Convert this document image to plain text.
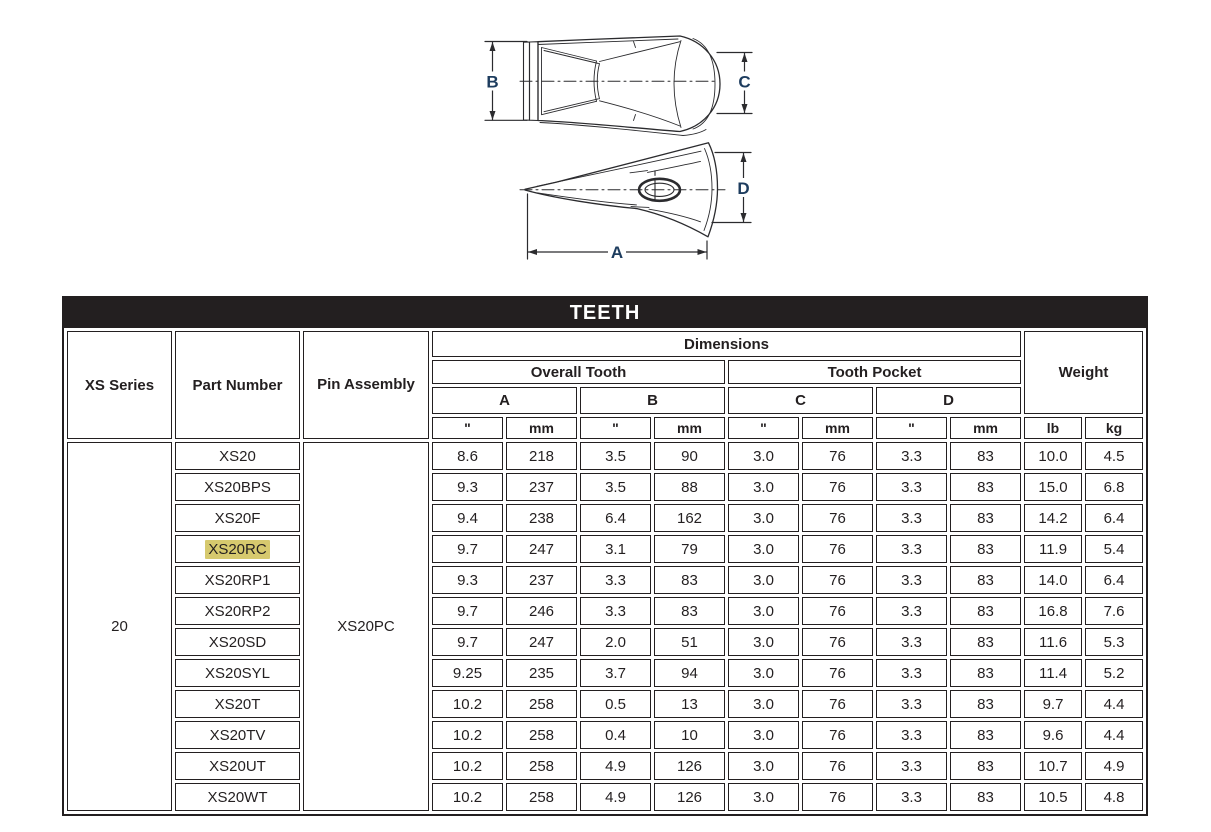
B	C
D
A
TEETH
XS Series	Part Number	Pin Assembly	Dimensions								Weight	
			Overall Tooth				Tooth Pocket					
			A		B		C		D			
			"	mm	"	mm	"	mm	"	mm	lb	kg
20	XS20	XS20PC	8.6	218	3.5	90	3.0	76	3.3	83	10.0	4.5
	XS20BPS		9.3	237	3.5	88	3.0	76	3.3	83	15.0	6.8
	XS20F		9.4	238	6.4	162	3.0	76	3.3	83	14.2	6.4
	XS20RC		9.7	247	3.1	79	3.0	76	3.3	83	11.9	5.4
	XS20RP1		9.3	237	3.3	83	3.0	76	3.3	83	14.0	6.4
	XS20RP2		9.7	246	3.3	83	3.0	76	3.3	83	16.8	7.6
	XS20SD		9.7	247	2.0	51	3.0	76	3.3	83	11.6	5.3
	XS20SYL		9.25	235	3.7	94	3.0	76	3.3	83	11.4	5.2
	XS20T		10.2	258	0.5	13	3.0	76	3.3	83	9.7	4.4
	XS20TV		10.2	258	0.4	10	3.0	76	3.3	83	9.6	4.4
	XS20UT		10.2	258	4.9	126	3.0	76	3.3	83	10.7	4.9
	XS20WT		10.2	258	4.9	126	3.0	76	3.3	83	10.5	4.8
